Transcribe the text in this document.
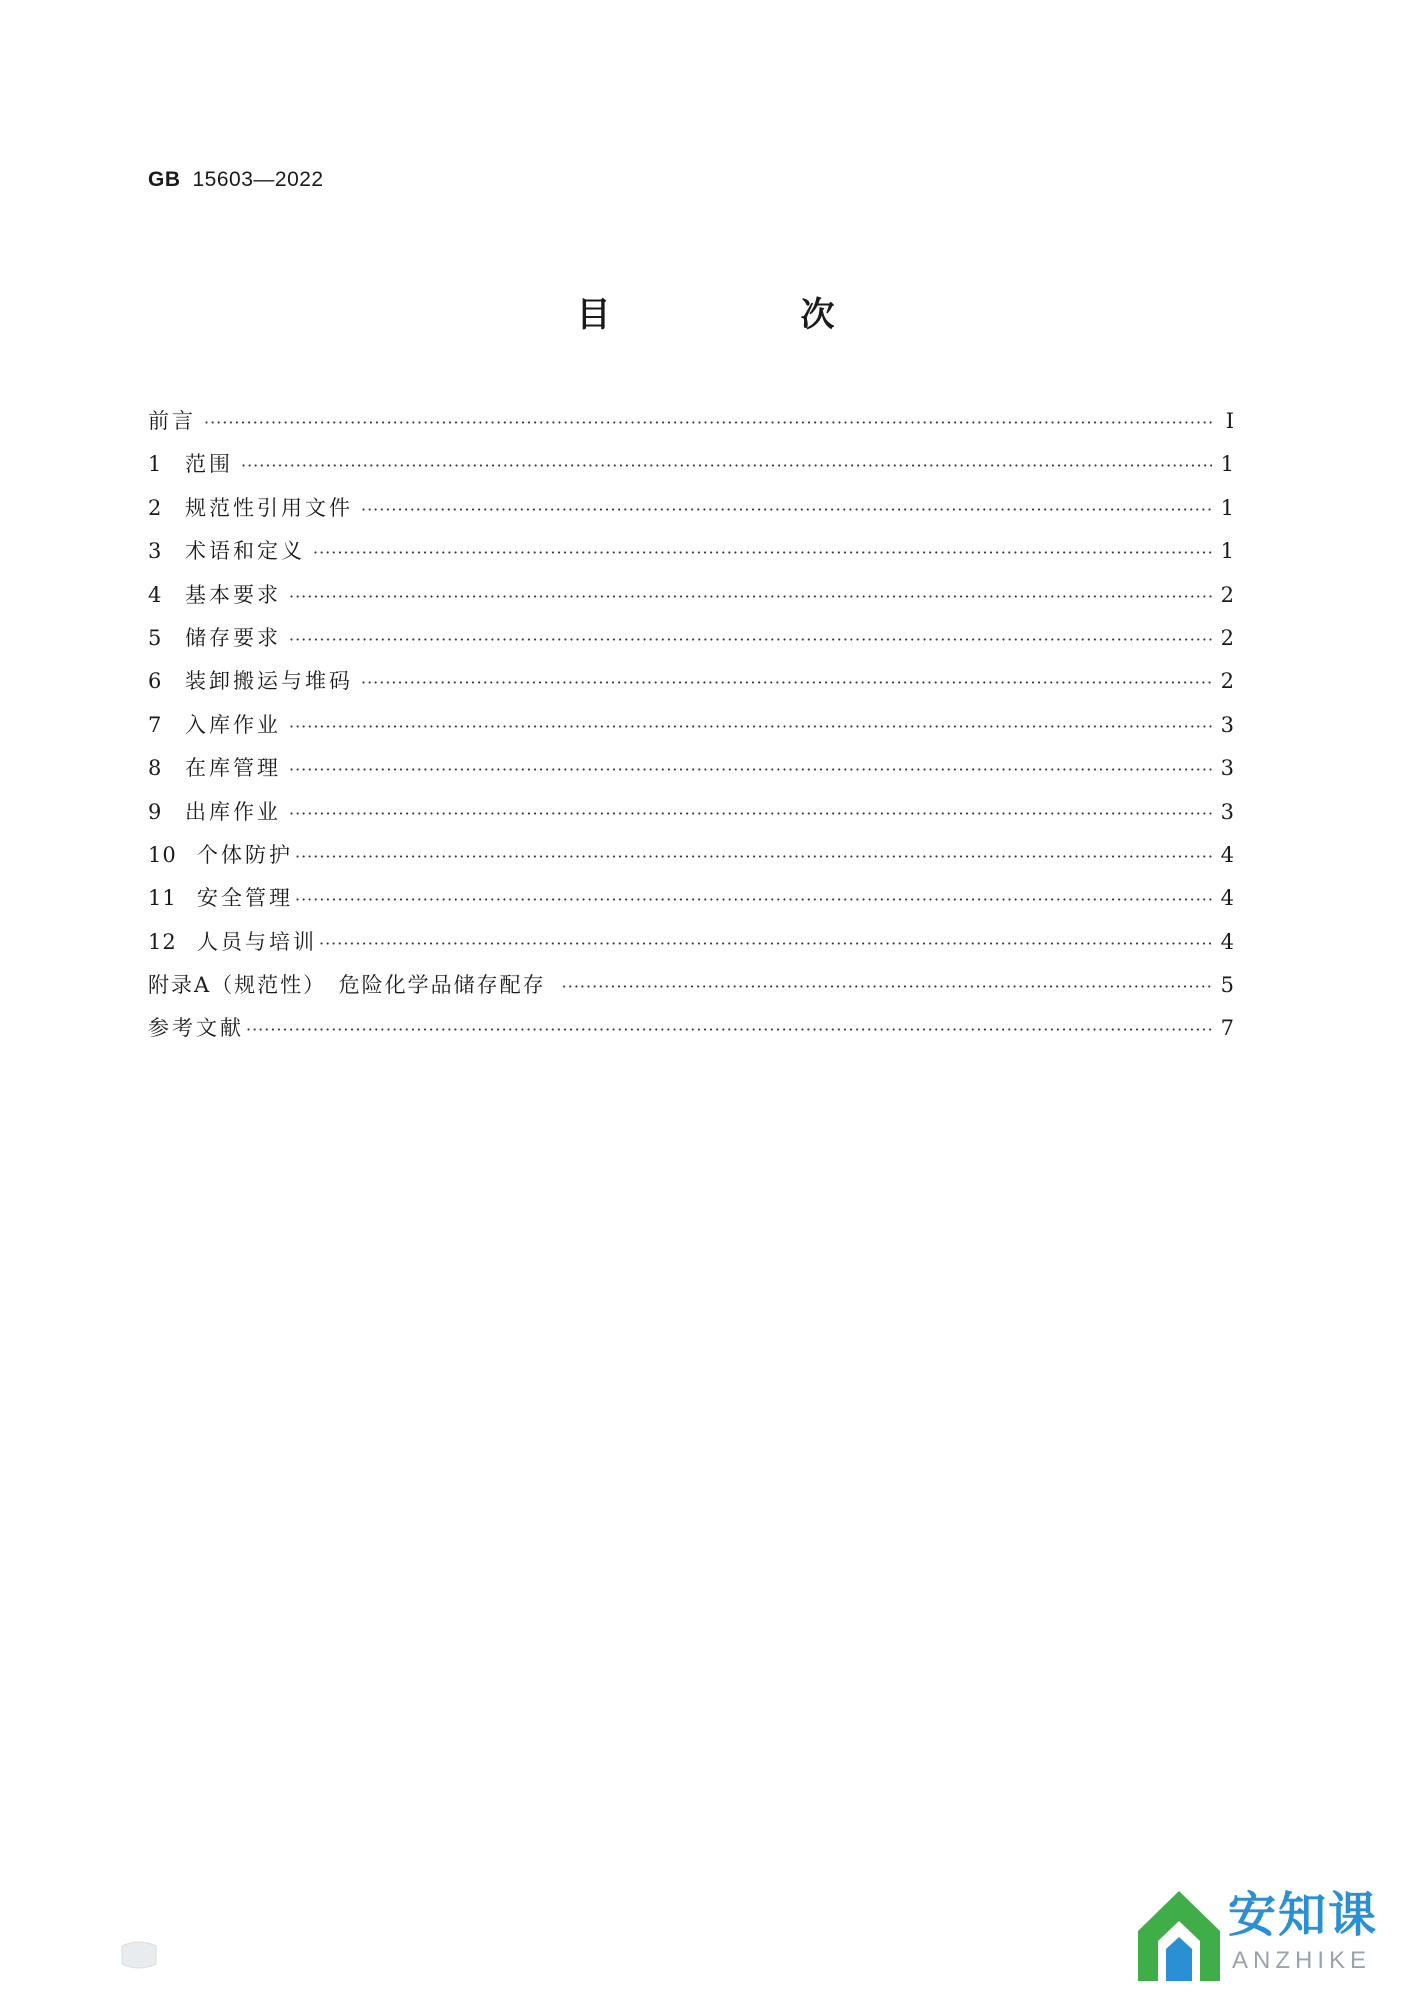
GB 15603—2022
目　次
前言 ·····	Ⅰ
1	范围 ·····	1
2	规范性引用文件 ·····	1
3	术语和定义 ·····	1
4	基本要求 ·····	2
5	储存要求 ·····	2
6	装卸搬运与堆码 ·····	2
7	入库作业 ·····	3
8	在库管理 ·····	3
9	出库作业 ·····	3
10 个体防护 ·····	4
11 安全管理 ·····	4
12 人员与培训 ·····	4
附录A（规范性）　危险化学品储存配存 ·····	5
参考文献 ·····	7
安知课
ANZHIKE
